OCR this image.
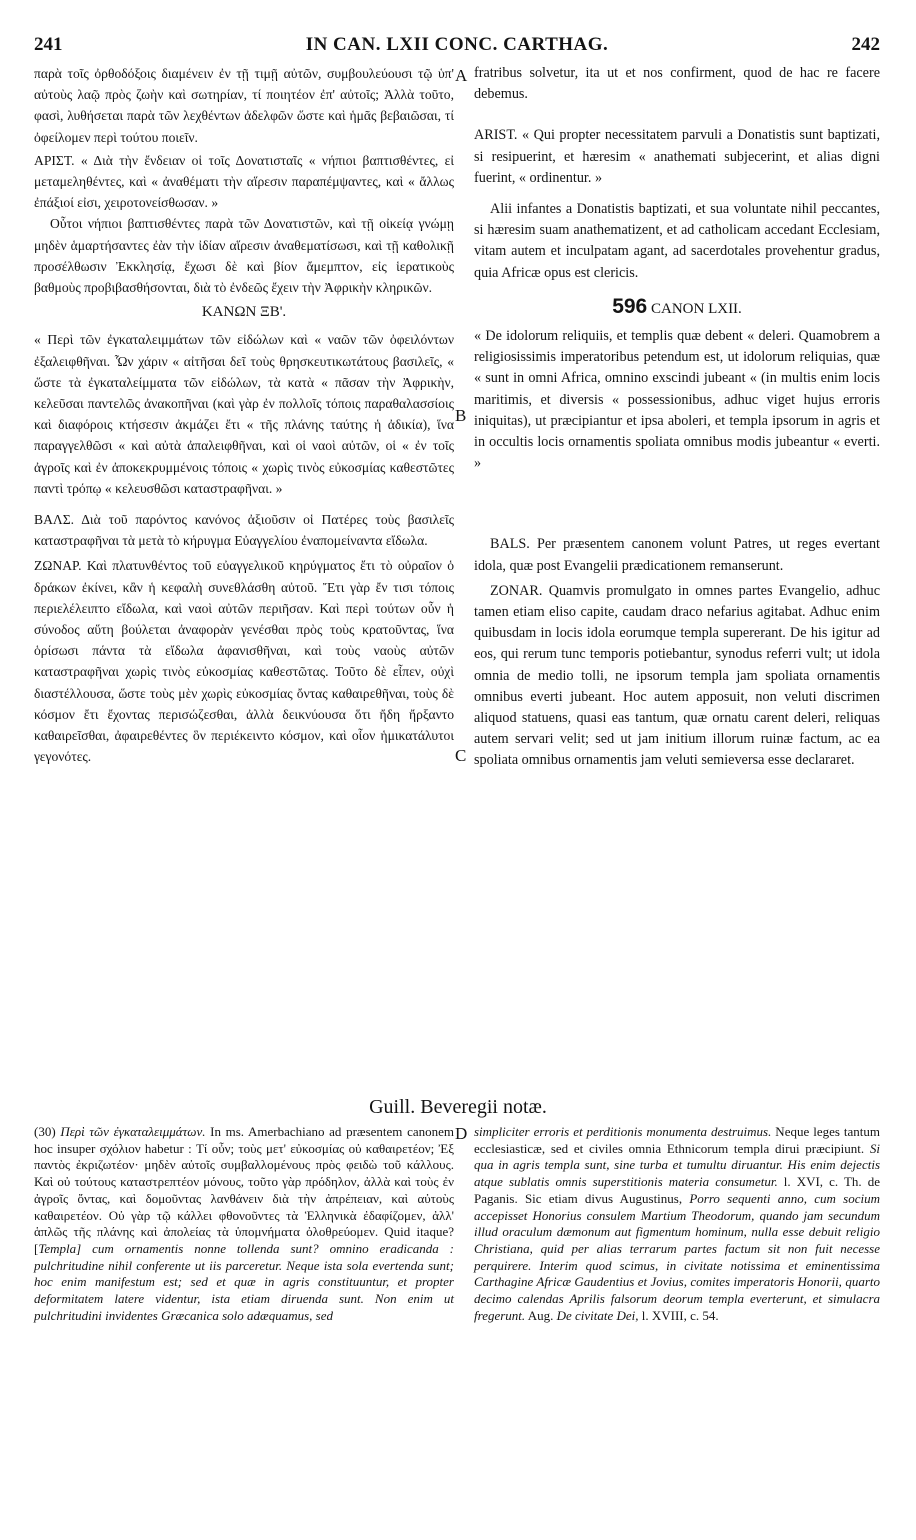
241	IN CAN. LXII CONC. CARTHAG.	242
A
B
C
D

παρὰ τοῖς ὀρθοδόξοις διαμένειν ἐν τῇ τιμῇ αὐτῶν, συμβουλεύουσι τῷ ὑπ' αὐτοὺς λαῷ πρὸς ζωὴν καὶ σωτηρίαν, τί ποιητέον ἐπ' αὐτοῖς; Ἀλλὰ τοῦτο, φασὶ, λυθήσεται παρὰ τῶν λεχθέντων ἀδελφῶν ὥστε καὶ ἡμᾶς βεβαιῶσαι, τί ὀφείλομεν περὶ τούτου ποιεῖν.

ΑΡΙΣΤ. « Διὰ τὴν ἔνδειαν οἱ τοῖς Δονατισταῖς « νήπιοι βαπτισθέντες, εἰ μεταμεληθέντες, καὶ « ἀναθέματι τὴν αἵρεσιν παραπέμψαντες, καὶ « ἄλλως ἐπάξιοί εἰσι, χειροτονείσθωσαν. »

Οὗτοι νήπιοι βαπτισθέντες παρὰ τῶν Δονατιστῶν, καὶ τῇ οἰκείᾳ γνώμῃ μηδὲν ἁμαρτήσαντες ἐὰν τὴν ἰδίαν αἵρεσιν ἀναθεματίσωσι, καὶ τῇ καθολικῇ προσέλθωσιν Ἐκκλησίᾳ, ἔχωσι δὲ καὶ βίον ἄμεμπτον, εἰς ἱερατικοὺς βαθμοὺς προβιβασθήσονται, διὰ τὸ ἐνδεῶς ἔχειν τὴν Ἀφρικὴν κληρικῶν.

ΚΑΝΩΝ ΞΒ'.

« Περὶ τῶν ἐγκαταλειμμάτων τῶν εἰδώλων καὶ « ναῶν τῶν ὀφειλόντων ἐξαλειφθῆναι. Ὧν χάριν « αἰτῆσαι δεῖ τοὺς θρησκευτικωτάτους βασιλεῖς, « ὥστε τὰ ἐγκαταλείμματα τῶν εἰδώλων, τὰ κατὰ « πᾶσαν τὴν Ἀφρικὴν, κελεῦσαι παντελῶς ἀνακοπῆναι (καὶ γὰρ ἐν πολλοῖς τόποις παραθαλασσίοις καὶ διαφόροις κτήσεσιν ἀκμάζει ἔτι « τῆς πλάνης ταύτης ἡ ἀδικία), ἵνα παραγγελθῶσι « καὶ αὐτὰ ἀπαλειφθῆναι, καὶ οἱ ναοὶ αὐτῶν, οἱ « ἐν τοῖς ἀγροῖς καὶ ἐν ἀποκεκρυμμένοις τόποις « χωρὶς τινὸς εὐκοσμίας καθεστῶτες παντὶ τρόπῳ « κελευσθῶσι καταστραφῆναι. »

ΒΑΛΣ. Διὰ τοῦ παρόντος κανόνος ἀξιοῦσιν οἱ Πατέρες τοὺς βασιλεῖς καταστραφῆναι τὰ μετὰ τὸ κήρυγμα Εὐαγγελίου ἐναπομείναντα εἴδωλα.

ΖΩΝΑΡ. Καὶ πλατυνθέντος τοῦ εὐαγγελικοῦ κηρύγματος ἔτι τὸ οὐραῖον ὁ δράκων ἐκίνει, κἂν ἡ κεφαλὴ συνεθλάσθη αὐτοῦ. Ἔτι γὰρ ἔν τισι τόποις περιελέλειπτο εἴδωλα, καὶ ναοὶ αὐτῶν περιῆσαν. Καὶ περὶ τούτων οὖν ἡ σύνοδος αὕτη βούλεται ἀναφορὰν γενέσθαι πρὸς τοὺς κρατοῦντας, ἵνα ὁρίσωσι πάντα τὰ εἴδωλα ἀφανισθῆναι, καὶ τοὺς ναοὺς αὐτῶν καταστραφῆναι χωρὶς τινὸς εὐκοσμίας καθεστῶτας. Τοῦτο δὲ εἶπεν, οὐχὶ διαστέλλουσα, ὥστε τοὺς μὲν χωρὶς εὐκοσμίας ὄντας καθαιρεθῆναι, τοὺς δὲ κόσμον ἔτι ἔχοντας περισώζεσθαι, ἀλλὰ δεικνύουσα ὅτι ἤδη ἤρξαντο καθαιρεῖσθαι, ἀφαιρεθέντες ὃν περιέκειντο κόσμον, καὶ οἷον ἡμικατάλυτοι γεγονότες.

fratribus solvetur, ita ut et nos confirment, quod de hac re facere debemus.

ARIST. « Qui propter necessitatem parvuli a Donatistis sunt baptizati, si resipuerint, et hæresim « anathemati subjecerint, et alias digni fuerint, « ordinentur. »

Alii infantes a Donatistis baptizati, et sua voluntate nihil peccantes, si hæresim suam anathematizent, et ad catholicam accedant Ecclesiam, vitam autem et inculpatam agant, ad sacerdotales provehentur gradus, quia Africæ opus est clericis.

596 CANON LXII.

« De idolorum reliquiis, et templis quæ debent « deleri. Quamobrem a religiosissimis imperatoribus petendum est, ut idolorum reliquias, quæ « sunt in omni Africa, omnino exscindi jubeant « (in multis enim locis maritimis, et diversis « possessionibus, adhuc viget hujus erroris iniquitas), ut præcipiantur et ipsa aboleri, et templa ipsorum in agris et in occultis locis ornamentis spoliata omnibus modis jubeantur « everti. »

BALS. Per præsentem canonem volunt Patres, ut reges evertant idola, quæ post Evangelii prædicationem remanserunt.

ZONAR. Quamvis promulgato in omnes partes Evangelio, adhuc tamen etiam eliso capite, caudam draco nefarius agitabat. Adhuc enim quibusdam in locis idola eorumque templa supererant. De his igitur ad eos, qui rerum tunc temporis potiebantur, synodus referri vult; ut idola omnia de medio tolli, ne ipsorum templa jam spoliata ornamentis omnibus everti jubeant. Hoc autem apposuit, non veluti discrimen aliquod statuens, quasi eas tantum, quæ ornatu carent deleri, reliquas autem servari velit; sed ut jam initium illorum ruinæ factum, ac ea spoliata omnibus ornamentis jam veluti semieversa esse declararet.

Guill. Beveregii notæ.

(30) Περὶ τῶν ἐγκαταλειμμάτων. In ms. Amerbachiano ad præsentem canonem hoc insuper σχόλιον habetur : Τί οὖν; τοὺς μετ' εὐκοσμίας οὐ καθαιρετέον; Ἐξ παντὸς ἐκριζωτέον· μηδὲν αὐτοῖς συμβαλλομένους πρὸς φειδὼ τοῦ κάλλους. Καὶ οὐ τούτους καταστρεπτέον μόνους, τοῦτο γὰρ πρόδηλον, ἀλλὰ καὶ τοὺς ἐν ἀγροῖς ὄντας, καὶ δομοῦντας λανθάνειν διὰ τὴν ἀπρέπειαν, καὶ αὐτοὺς καθαιρετέον. Οὐ γὰρ τῷ κάλλει φθονοῦντες τὰ Ἑλληνικὰ ἐδαφίζομεν, ἀλλ' ἁπλῶς τῆς πλάνης καὶ ἀπολείας τὰ ὑπομνήματα ὀλοθρεύομεν. Quid itaque? [Templa] cum ornamentis nonne tollenda sunt? omnino eradicanda : pulchritudine nihil conferente ut iis parceretur. Neque ista sola evertenda sunt; hoc enim manifestum est; sed et quæ in agris constituuntur, et propter deformitatem latere videntur, ista etiam diruenda sunt. Non enim ut pulchritudini invidentes Græcanica solo adæquamus, sed

simpliciter erroris et perditionis monumenta destruimus. Neque leges tantum ecclesiasticæ, sed et civiles omnia Ethnicorum templa dirui præcipiunt. Si qua in agris templa sunt, sine turba et tumultu diruantur. His enim dejectis atque sublatis omnis superstitionis materia consumetur. l. XVI, c. Th. de Paganis. Sic etiam divus Augustinus, Porro sequenti anno, cum socium accepisset Honorius consulem Martium Theodorum, quando jam secundum illud oraculum dæmonum aut figmentum hominum, nulla esse debuit religio Christiana, quid per alias terrarum partes factum sit non fuit necesse perquirere. Interim quod scimus, in civitate notissima et eminentissima Carthagine Africæ Gaudentius et Jovius, comites imperatoris Honorii, quarto decimo calendas Aprilis falsorum deorum templa everterunt, et simulacra fregerunt. Aug. De civitate Dei, l. XVIII, c. 54.
